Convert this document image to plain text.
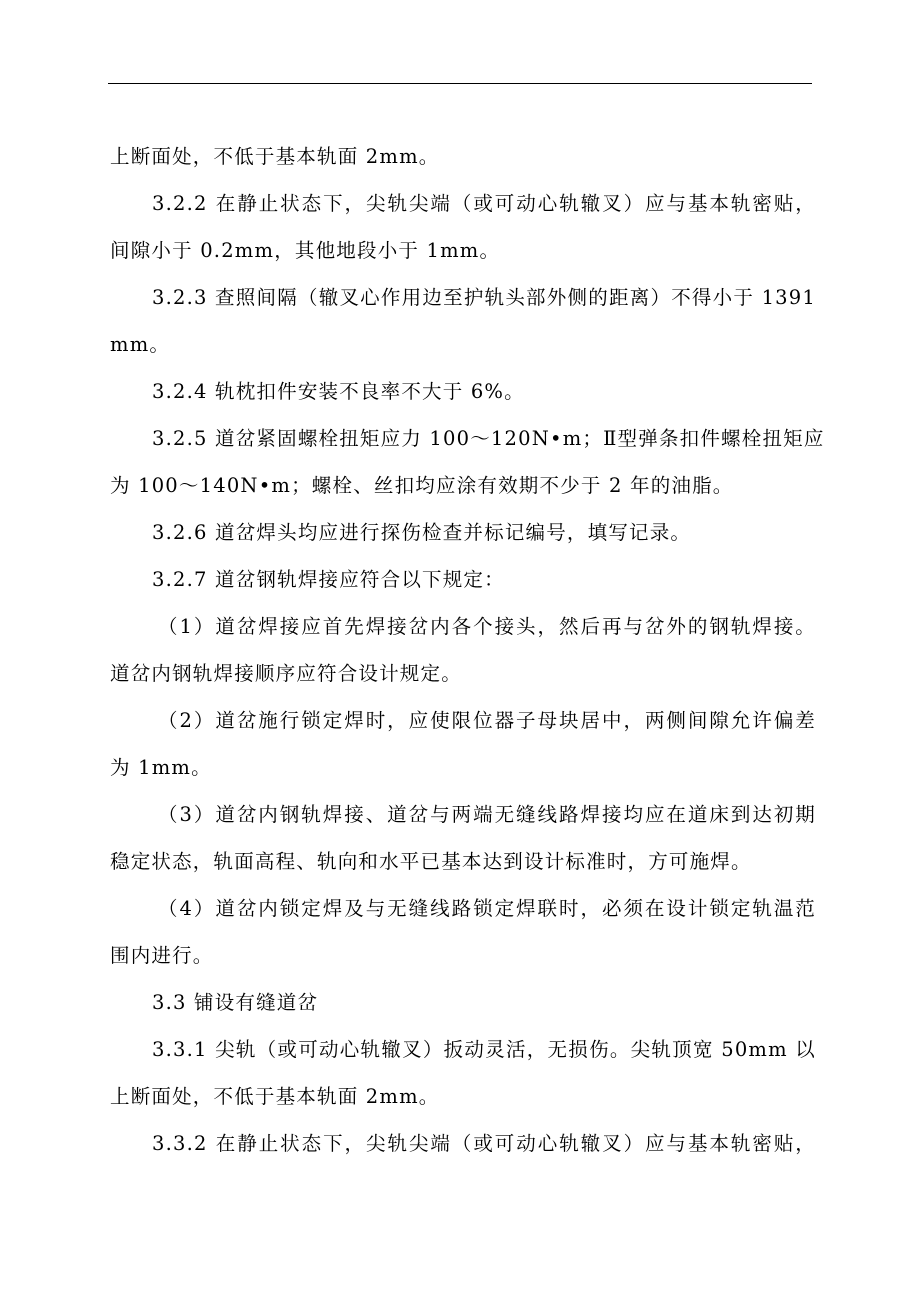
上断面处，不低于基本轨面 2mm。
3.2.2 在静止状态下，尖轨尖端（或可动心轨辙叉）应与基本轨密贴，
间隙小于 0.2mm，其他地段小于 1mm。
3.2.3 查照间隔（辙叉心作用边至护轨头部外侧的距离）不得小于 1391
mm。
3.2.4 轨枕扣件安装不良率不大于 6%。
3.2.5 道岔紧固螺栓扭矩应力 100～120N•m；Ⅱ型弹条扣件螺栓扭矩应
为 100～140N•m；螺栓、丝扣均应涂有效期不少于 2 年的油脂。
3.2.6 道岔焊头均应进行探伤检查并标记编号，填写记录。
3.2.7 道岔钢轨焊接应符合以下规定：
（1）道岔焊接应首先焊接岔内各个接头，然后再与岔外的钢轨焊接。
道岔内钢轨焊接顺序应符合设计规定。
（2）道岔施行锁定焊时，应使限位器子母块居中，两侧间隙允许偏差
为 1mm。
（3）道岔内钢轨焊接、道岔与两端无缝线路焊接均应在道床到达初期
稳定状态，轨面高程、轨向和水平已基本达到设计标准时，方可施焊。
（4）道岔内锁定焊及与无缝线路锁定焊联时，必须在设计锁定轨温范
围内进行。
3.3 铺设有缝道岔
3.3.1 尖轨（或可动心轨辙叉）扳动灵活，无损伤。尖轨顶宽 50mm 以
上断面处，不低于基本轨面 2mm。
3.3.2 在静止状态下，尖轨尖端（或可动心轨辙叉）应与基本轨密贴，
